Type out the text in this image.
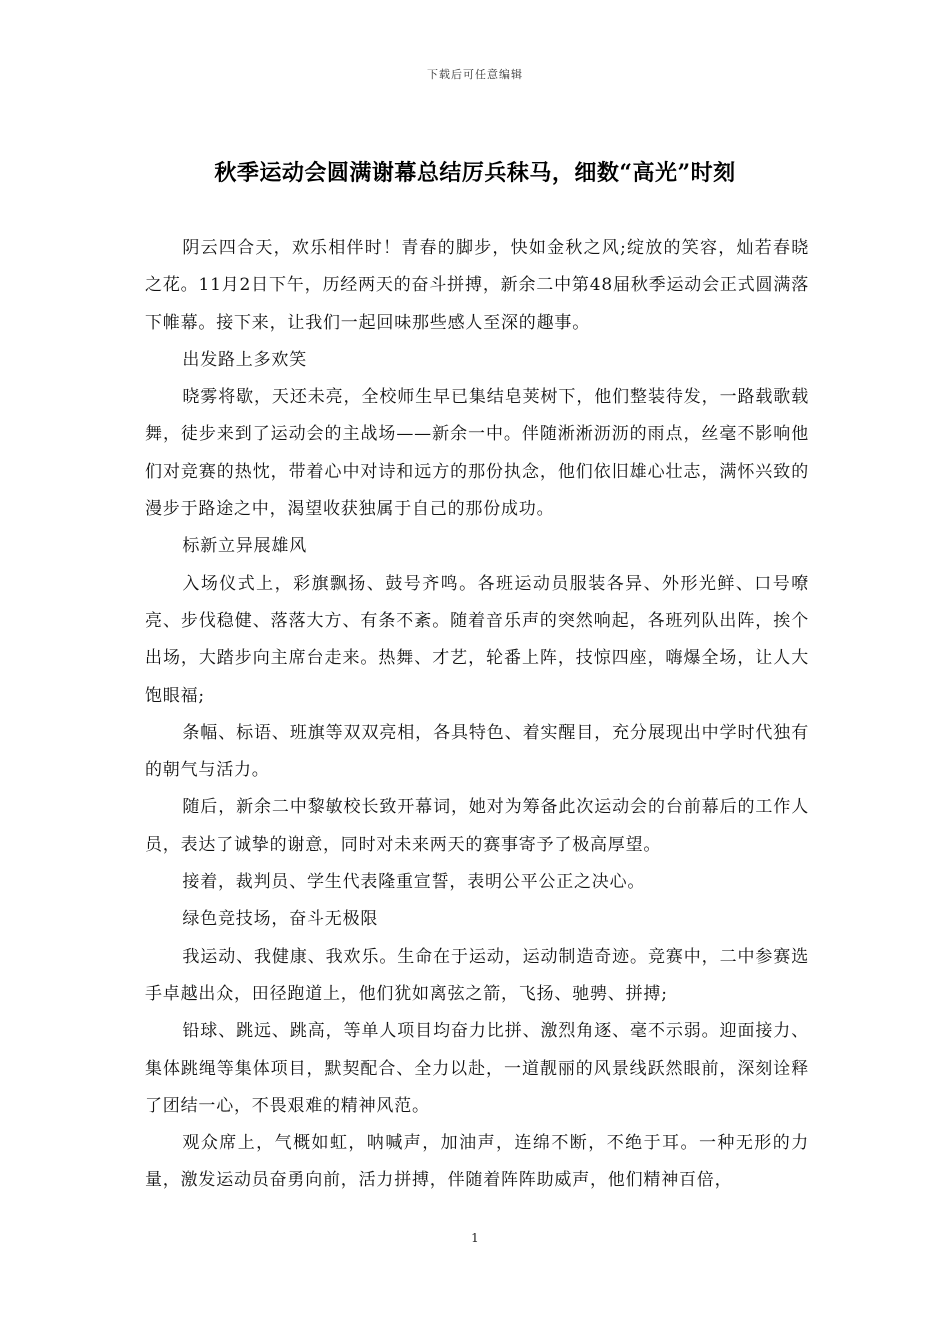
下载后可任意编辑
秋季运动会圆满谢幕总结厉兵秣马，细数“高光”时刻

阴云四合天，欢乐相伴时！青春的脚步，快如金秋之风;绽放的笑容，灿若春晓之花。11月2日下午，历经两天的奋斗拼搏，新余二中第48届秋季运动会正式圆满落下帷幕。接下来，让我们一起回味那些感人至深的趣事。

出发路上多欢笑

晓雾将歇，天还未亮，全校师生早已集结皂荚树下，他们整装待发，一路载歌载舞，徒步来到了运动会的主战场——新余一中。伴随淅淅沥沥的雨点，丝毫不影响他们对竞赛的热忱，带着心中对诗和远方的那份执念，他们依旧雄心壮志，满怀兴致的漫步于路途之中，渴望收获独属于自己的那份成功。

标新立异展雄风

入场仪式上，彩旗飘扬、鼓号齐鸣。各班运动员服装各异、外形光鲜、口号嘹亮、步伐稳健、落落大方、有条不紊。随着音乐声的突然响起，各班列队出阵，挨个出场，大踏步向主席台走来。热舞、才艺，轮番上阵，技惊四座，嗨爆全场，让人大饱眼福;

条幅、标语、班旗等双双亮相，各具特色、着实醒目，充分展现出中学时代独有的朝气与活力。

随后，新余二中黎敏校长致开幕词，她对为筹备此次运动会的台前幕后的工作人员，表达了诚挚的谢意，同时对未来两天的赛事寄予了极高厚望。

接着，裁判员、学生代表隆重宣誓，表明公平公正之决心。

绿色竞技场，奋斗无极限

我运动、我健康、我欢乐。生命在于运动，运动制造奇迹。竞赛中，二中参赛选手卓越出众，田径跑道上，他们犹如离弦之箭，飞扬、驰骋、拼搏;

铅球、跳远、跳高，等单人项目均奋力比拼、激烈角逐、毫不示弱。迎面接力、集体跳绳等集体项目，默契配合、全力以赴，一道靓丽的风景线跃然眼前，深刻诠释了团结一心，不畏艰难的精神风范。

观众席上，气概如虹，呐喊声，加油声，连绵不断，不绝于耳。一种无形的力量，激发运动员奋勇向前，活力拼搏，伴随着阵阵助威声，他们精神百倍，

1
